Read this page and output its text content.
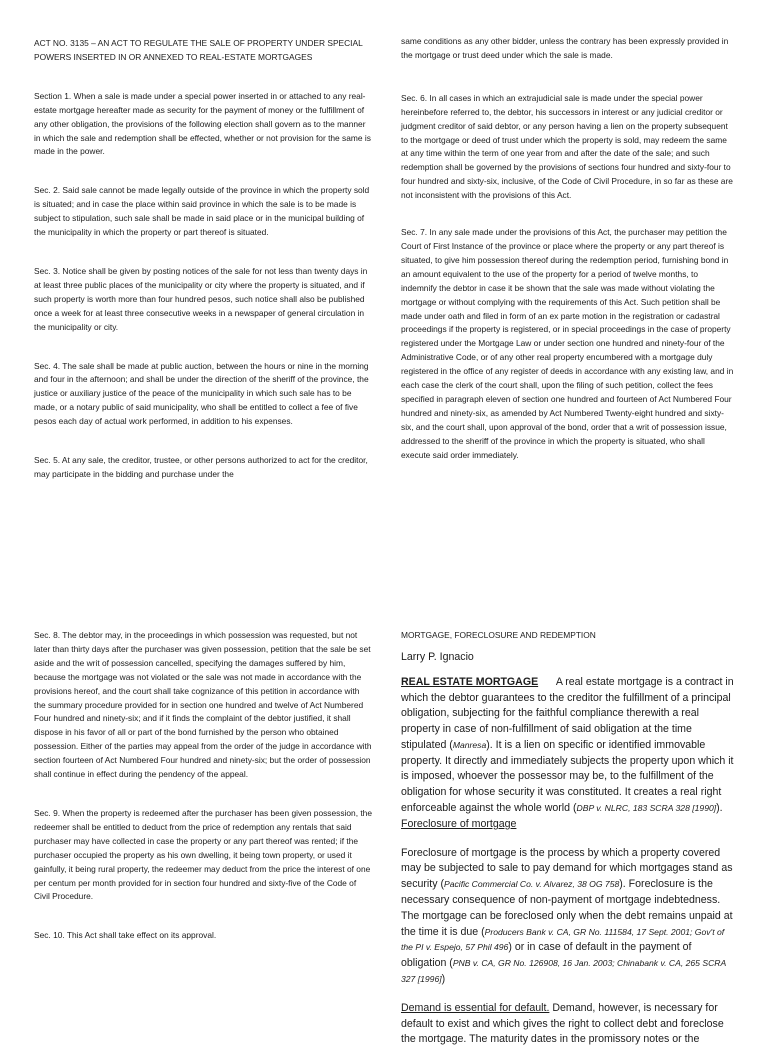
ACT NO. 3135 – AN ACT TO REGULATE THE SALE OF PROPERTY UNDER SPECIAL POWERS INSERTED IN OR ANNEXED TO REAL-ESTATE MORTGAGES

Section 1. When a sale is made under a special power inserted in or attached to any real-estate mortgage hereafter made as security for the payment of money or the fulfillment of any other obligation, the provisions of the following election shall govern as to the manner in which the sale and redemption shall be effected, whether or not provision for the same is made in the power.

Sec. 2. Said sale cannot be made legally outside of the province in which the property sold is situated; and in case the place within said province in which the sale is to be made is subject to stipulation, such sale shall be made in said place or in the municipal building of the municipality in which the property or part thereof is situated.

Sec. 3. Notice shall be given by posting notices of the sale for not less than twenty days in at least three public places of the municipality or city where the property is situated, and if such property is worth more than four hundred pesos, such notice shall also be published once a week for at least three consecutive weeks in a newspaper of general circulation in the municipality or city.

Sec. 4. The sale shall be made at public auction, between the hours or nine in the morning and four in the afternoon; and shall be under the direction of the sheriff of the province, the justice or auxiliary justice of the peace of the municipality in which such sale has to be made, or a notary public of said municipality, who shall be entitled to collect a fee of five pesos each day of actual work performed, in addition to his expenses.

Sec. 5. At any sale, the creditor, trustee, or other persons authorized to act for the creditor, may participate in the bidding and purchase under the

same conditions as any other bidder, unless the contrary has been expressly provided in the mortgage or trust deed under which the sale is made.

Sec. 6. In all cases in which an extrajudicial sale is made under the special power hereinbefore referred to, the debtor, his successors in interest or any judicial creditor or judgment creditor of said debtor, or any person having a lien on the property subsequent to the mortgage or deed of trust under which the property is sold, may redeem the same at any time within the term of one year from and after the date of the sale; and such redemption shall be governed by the provisions of sections four hundred and sixty-four to four hundred and sixty-six, inclusive, of the Code of Civil Procedure, in so far as these are not inconsistent with the provisions of this Act.

Sec. 7. In any sale made under the provisions of this Act, the purchaser may petition the Court of First Instance of the province or place where the property or any part thereof is situated, to give him possession thereof during the redemption period, furnishing bond in an amount equivalent to the use of the property for a period of twelve months, to indemnify the debtor in case it be shown that the sale was made without violating the mortgage or without complying with the requirements of this Act. Such petition shall be made under oath and filed in form of an ex parte motion in the registration or cadastral proceedings if the property is registered, or in special proceedings in the case of property registered under the Mortgage Law or under section one hundred and ninety-four of the Administrative Code, or of any other real property encumbered with a mortgage duly registered in the office of any register of deeds in accordance with any existing law, and in each case the clerk of the court shall, upon the filing of such petition, collect the fees specified in paragraph eleven of section one hundred and fourteen of Act Numbered Four hundred and ninety-six, as amended by Act Numbered Twenty-eight hundred and sixty-six, and the court shall, upon approval of the bond, order that a writ of possession issue, addressed to the sheriff of the province in which the property is situated, who shall execute said order immediately.

Sec. 8. The debtor may, in the proceedings in which possession was requested, but not later than thirty days after the purchaser was given possession, petition that the sale be set aside and the writ of possession cancelled, specifying the damages suffered by him, because the mortgage was not violated or the sale was not made in accordance with the provisions hereof, and the court shall take cognizance of this petition in accordance with the summary procedure provided for in section one hundred and twelve of Act Numbered Four hundred and ninety-six; and if it finds the complaint of the debtor justified, it shall dispose in his favor of all or part of the bond furnished by the person who obtained possession. Either of the parties may appeal from the order of the judge in accordance with section fourteen of Act Numbered Four hundred and ninety-six; but the order of possession shall continue in effect during the pendency of the appeal.

Sec. 9. When the property is redeemed after the purchaser has been given possession, the redeemer shall be entitled to deduct from the price of redemption any rentals that said purchaser may have collected in case the property or any part thereof was rented; if the purchaser occupied the property as his own dwelling, it being town property, or used it gainfully, it being rural property, the redeemer may deduct from the price the interest of one per centum per month provided for in section four hundred and sixty-five of the Code of Civil Procedure.

Sec. 10. This Act shall take effect on its approval.

MORTGAGE, FORECLOSURE AND REDEMPTION
Larry P. Ignacio

REAL ESTATE MORTGAGE A real estate mortgage is a contract in which the debtor guarantees to the creditor the fulfillment of a principal obligation, subjecting for the faithful compliance therewith a real property in case of non-fulfillment of said obligation at the time stipulated (Manresa). It is a lien on specific or identified immovable property. It directly and immediately subjects the property upon which it is imposed, whoever the possessor may be, to the fulfillment of the obligation for whose security it was constituted. It creates a real right enforceable against the whole world (DBP v. NLRC, 183 SCRA 328 [1990]). Foreclosure of mortgage

Foreclosure of mortgage is the process by which a property covered may be subjected to sale to pay demand for which mortgages stand as security (Pacific Commercial Co. v. Alvarez, 38 OG 758). Foreclosure is the necessary consequence of non-payment of mortgage indebtedness. The mortgage can be foreclosed only when the debt remains unpaid at the time it is due (Producers Bank v. CA, GR No. 111584, 17 Sept. 2001; Gov't of the PI v. Espejo, 57 Phil 496) or in case of default in the payment of obligation (PNB v. CA, GR No. 126908, 16 Jan. 2003; Chinabank v. CA, 265 SCRA 327 [1996])

Demand is essential for default. Demand, however, is necessary for default to exist and which gives the right to collect debt and foreclose the mortgage. The maturity dates in the promissory notes or the
